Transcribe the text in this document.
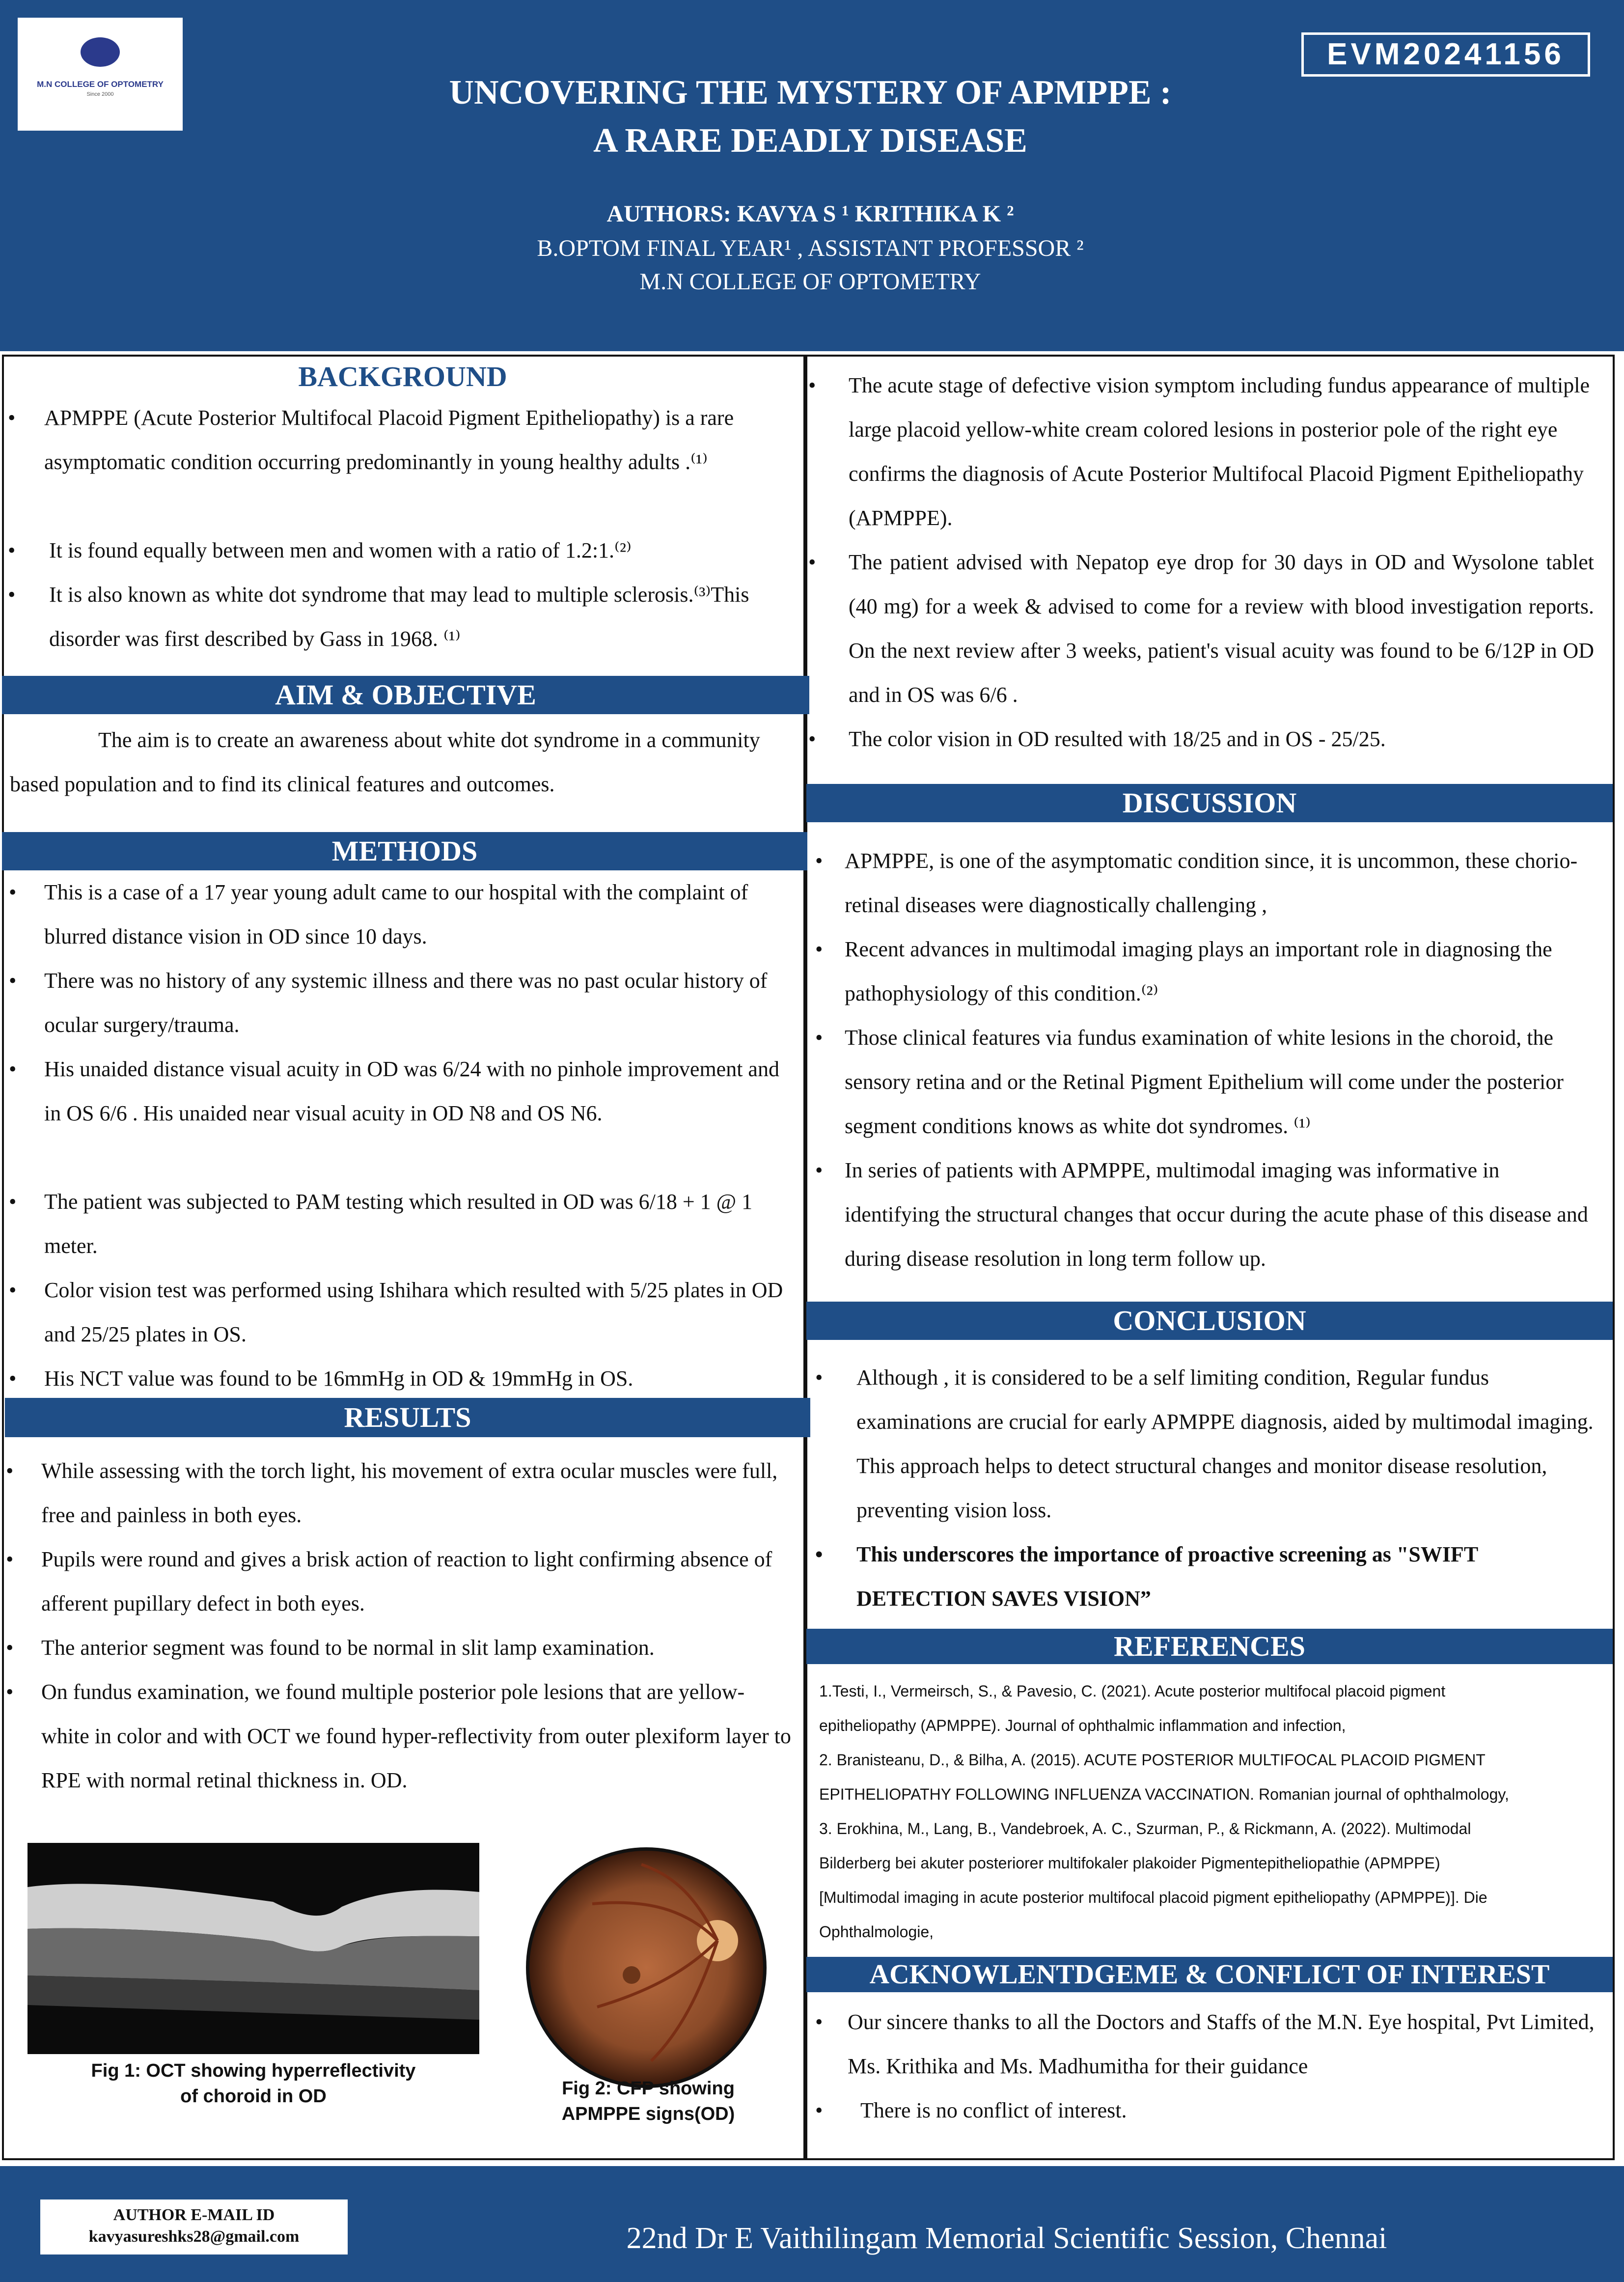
M.N COLLEGE OF OPTOMETRY
Since 2000
EVM20241156
UNCOVERING THE MYSTERY OF APMPPE :
A RARE DEADLY DISEASE
AUTHORS: KAVYA S ¹ KRITHIKA K ²
B.OPTOM FINAL YEAR¹ , ASSISTANT PROFESSOR ²
M.N COLLEGE OF OPTOMETRY
BACKGROUND
•	APMPPE (Acute Posterior Multifocal Placoid Pigment Epitheliopathy) is a rare asymptomatic condition occurring predominantly in young healthy adults .⁽¹⁾
•	It is found equally between men and women with a ratio of 1.2:1.⁽²⁾
•	It is also known as white dot syndrome that may lead to multiple sclerosis.⁽³⁾This disorder was first described by Gass in 1968. ⁽¹⁾
AIM & OBJECTIVE
The aim is to create an awareness about white dot syndrome in a community based population and to find its clinical features and outcomes.
METHODS
•	This is a case of a 17 year young adult came to our hospital with the complaint of blurred distance vision in OD since 10 days.
•	There was no history of any systemic illness and there was no past ocular history of ocular surgery/trauma.
•	His unaided distance visual acuity in OD was 6/24 with no pinhole improvement and in OS 6/6 . His unaided near visual acuity in OD N8 and OS N6.
•	The patient was subjected to PAM testing which resulted in OD was 6/18 + 1 @ 1 meter.
•	Color vision test was performed using Ishihara which resulted with 5/25 plates in OD and 25/25 plates in OS.
•	His NCT value was found to be 16mmHg in OD & 19mmHg in OS.
RESULTS
•	While assessing with the torch light, his movement of extra ocular muscles were full, free and painless in both eyes.
•	Pupils were round and gives a brisk action of reaction to light confirming absence of afferent pupillary defect in both eyes.
•	The anterior segment was found to be normal in slit lamp examination.
•	On fundus examination, we found multiple posterior pole lesions that are yellow-white in color and with OCT we found hyper-reflectivity from outer plexiform layer to RPE with normal retinal thickness in. OD.
Fig 1: OCT showing hyperreflectivity
of choroid in OD	Fig 2: CFP showing
APMPPE signs(OD)
•	The acute stage of defective vision symptom including fundus appearance of multiple large placoid yellow-white cream colored lesions in posterior pole of the right eye confirms the diagnosis of Acute Posterior Multifocal Placoid Pigment Epitheliopathy (APMPPE).
•	The patient advised with Nepatop eye drop for 30 days in OD and Wysolone tablet (40 mg) for a week & advised to come for a review with blood investigation reports. On the next review after 3 weeks, patient's visual acuity was found to be 6/12P in OD and in OS was 6/6 .
•	The color vision in OD resulted with 18/25 and in OS - 25/25.
DISCUSSION
•	APMPPE, is one of the asymptomatic condition since, it is uncommon, these chorio-retinal diseases were diagnostically challenging ,
•	Recent advances in multimodal imaging plays an important role in diagnosing the pathophysiology of this condition.⁽²⁾
•	Those clinical features via fundus examination of white lesions in the choroid, the sensory retina and or the Retinal Pigment Epithelium will come under the posterior segment conditions knows as white dot syndromes. ⁽¹⁾
•	In series of patients with APMPPE, multimodal imaging was informative in identifying the structural changes that occur during the acute phase of this disease and during disease resolution in long term follow up.
CONCLUSION
•	Although , it is considered to be a self limiting condition, Regular fundus examinations are crucial for early APMPPE diagnosis, aided by multimodal imaging. This approach helps to detect structural changes and monitor disease resolution, preventing vision loss.
•	This underscores the importance of proactive screening as "SWIFT DETECTION SAVES VISION”
REFERENCES
1.Testi, I., Vermeirsch, S., & Pavesio, C. (2021). Acute posterior multifocal placoid pigment
epitheliopathy (APMPPE). Journal of ophthalmic inflammation and infection,
2. Branisteanu, D., & Bilha, A. (2015). ACUTE POSTERIOR MULTIFOCAL PLACOID PIGMENT
EPITHELIOPATHY FOLLOWING INFLUENZA VACCINATION. Romanian journal of ophthalmology,
3. Erokhina, M., Lang, B., Vandebroek, A. C., Szurman, P., & Rickmann, A. (2022). Multimodal
Bilderberg bei akuter posteriorer multifokaler plakoider Pigmentepitheliopathie (APMPPE)
[Multimodal imaging in acute posterior multifocal placoid pigment epitheliopathy (APMPPE)]. Die
Ophthalmologie,
ACKNOWLENTDGEME & CONFLICT OF INTEREST
•	Our sincere thanks to all the Doctors and Staffs of the M.N. Eye hospital, Pvt Limited, Ms. Krithika and Ms. Madhumitha for their guidance
•	There is no conflict of interest.
AUTHOR E-MAIL ID
kavyasureshks28@gmail.com	22nd Dr E Vaithilingam Memorial Scientific Session, Chennai
